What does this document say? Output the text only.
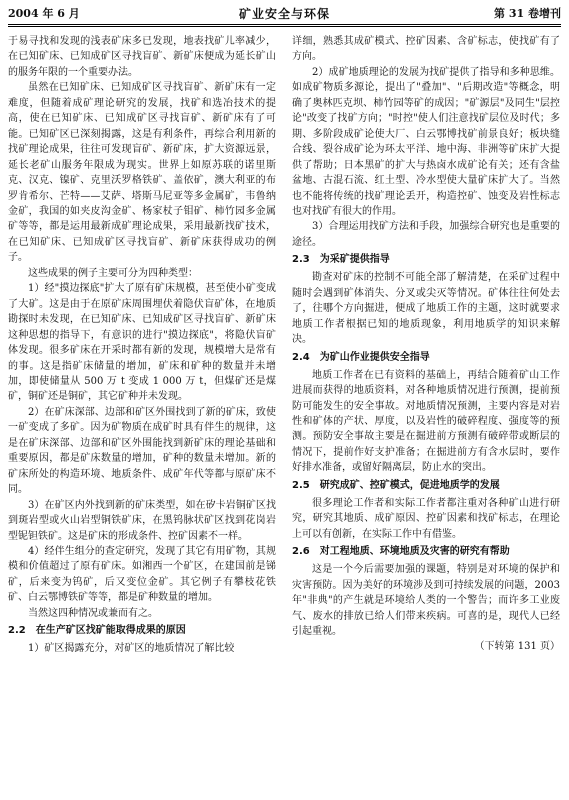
2004 年 6 月	矿业安全与环保	第 31 卷增刊

于易寻找和发现的浅表矿床多已发现，地表找矿儿率减少，在已知矿床、已知成矿区寻找盲矿、新矿床便成为延长矿山的服务年限的一个重要办法。

虽然在已知矿床、已知成矿区寻找盲矿、新矿床有一定难度，但随着成矿理论研究的发展，找矿和选冶技术的提高，使在已知矿床、已知成矿区寻找盲矿、新矿床有了可能。已知矿区已深刻揭露，这是有利条件，再综合利用新的找矿理论成果，往往可发现盲矿、新矿床，扩大资源远景，延长老矿山服务年限成为现实。世界上如原苏联的诺里斯克、汉克、镍矿、克里沃罗格铁矿、盖依矿，澳大利亚的布罗肯希尔、芒特——艾萨、塔斯马尼亚等多金属矿，韦鲁纳金矿，我国的如夹皮沟金矿、杨家杖子钼矿、柿竹园多金属矿等等，都是运用最新成矿理论成果，采用最新找矿技术，在已知矿床、已知成矿区寻找盲矿、新矿床获得成功的例子。

这些成果的例子主要可分为四种类型：

1）经"摸边探底"扩大了原有矿床规模，甚至使小矿变成了大矿。这是由于在原矿床周围埋伏着隐伏盲矿体，在地质勘探时未发现，在已知矿床、已知成矿区寻找盲矿、新矿床这种思想的指导下，有意识的进行"摸边探底"，将隐伏盲矿体发现。很多矿床在开采时都有新的发现，规模增大是常有的事。这是指矿床储量的增加，矿床和矿种的数量并未增加，即使储量从 500 万 t 变成 1 000 万 t，但煤矿还是煤矿，铜矿还是铜矿，其它矿种并未发现。

2）在矿床深部、边部和矿区外围找到了新的矿床，致使一矿变成了多矿。因为矿物质在成矿时具有伴生的规律，这是在矿床深部、边部和矿区外围能找到新矿床的理论基础和重要原因，都是矿床数量的增加，矿种的数量未增加。新的矿床所处的构造环境、地质条件、成矿年代等都与原矿床不同。

3）在矿区内外找到新的矿床类型，如在矽卡岩铜矿区找到斑岩型或火山岩型铜铁矿床，在黑钨脉状矿区找到花岗岩型铌钽铁矿。这是矿床的形成条件、控矿因素不一样。

4）经伴生组分的查定研究，发现了其它有用矿物，其规模和价值超过了原有矿床。如湘西一个矿区，在建国前是锑矿，后来变为钨矿，后又变位金矿。其它例子有攀枝花铁矿、白云鄂博铁矿等等，都是矿种数量的增加。

当然这四种情况或兼而有之。

2.2　在生产矿区找矿能取得成果的原因

1）矿区揭露充分，对矿区的地质情况了解比较

详细，熟悉其成矿模式、控矿因素、含矿标志，使找矿有了方向。

2）成矿地质理论的发展为找矿提供了指导和多种思维。如成矿物质多源论，提出了"叠加"、"后期改造"等概念，明确了奥林匹克坝、柿竹园等矿的成因；"矿源层"及同生"层控论"改变了找矿方向；"时控"使人们注意找矿层位及时代；多期、多阶段成矿论使大厂、白云鄂博找矿前景良好；板块缝合线、裂谷成矿论为环太平洋、地中海、非洲等矿床扩大提供了帮助；日本黑矿的扩大与热卤水成矿论有关；还有含盐盆地、古混石流、红土型、冷水型使大量矿床扩大了。当然也不能将传统的找矿理论丢开，构造控矿、蚀变及岩性标志也对找矿有很大的作用。

3）合理运用找矿方法和手段，加强综合研究也是重要的途径。

2.3　为采矿提供指导

勘查对矿床的控制不可能全部了解清楚，在采矿过程中随时会遇到矿体消失、分叉或尖灭等情况。矿体往往何处去了，往哪个方向掘进，便成了地质工作的主题，这时就要求地质工作者根据已知的地质现象，利用地质学的知识来解决。

2.4　为矿山作业提供安全指导

地质工作者在已有资料的基础上，再结合随着矿山工作进展而获得的地质资料，对各种地质情况进行预测，提前预防可能发生的安全事故。对地质情况预测，主要内容是对岩性和矿体的产状、厚度，以及岩性的破碎程度、强度等的预测。预防安全事故主要是在掘进前方预测有破碎带或断层的情况下，提前作好支护准备；在掘进前方有含水层时，要作好排水准备，或留好隔离层，防止水的突出。

2.5　研究成矿、控矿模式，促进地质学的发展

很多理论工作者和实际工作者都注重对各种矿山进行研究，研究其地质、成矿原因、控矿因素和找矿标志，在理论上可以有创新，在实际工作中有借鉴。

2.6　对工程地质、环境地质及灾害的研究有帮助

这是一个今后需要加强的课题，特别是对环境的保护和灾害预防。因为美好的环境涉及到可持续发展的问题，2003 年"非典"的产生就是环境给人类的一个警告；而许多工业废气、废水的排放已给人们带来疾病。可喜的是，现代人已经引起重视。

（下转第 131 页）
